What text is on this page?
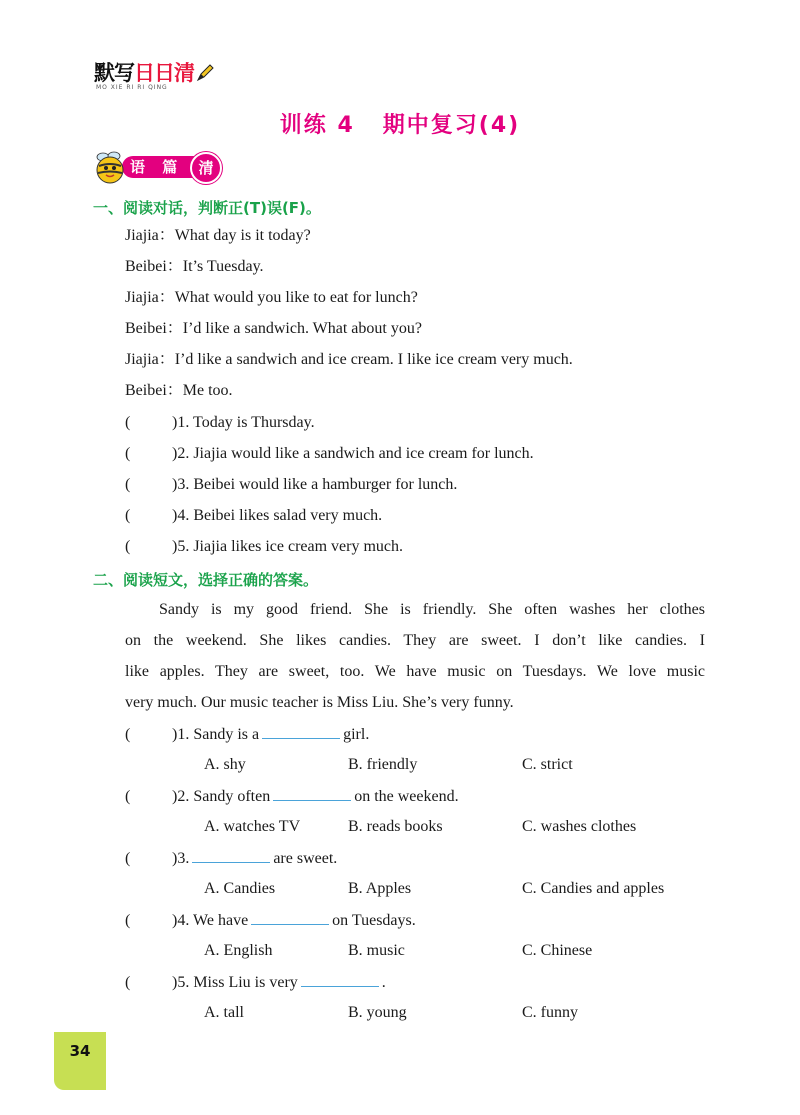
默写日日清
MO XIE RI RI QING
训练 4 期中复习(4)
语 篇	清
一、阅读对话，判断正(T)误(F)。
Jiajia：What day is it today?
Beibei：It’s Tuesday.
Jiajia：What would you like to eat for lunch?
Beibei：I’d like a sandwich. What about you?
Jiajia：I’d like a sandwich and ice cream. I like ice cream very much.
Beibei：Me too.
(	)1. Today is Thursday.
(	)2. Jiajia would like a sandwich and ice cream for lunch.
(	)3. Beibei would like a hamburger for lunch.
(	)4. Beibei likes salad very much.
(	)5. Jiajia likes ice cream very much.
二、阅读短文，选择正确的答案。
Sandy is my good friend. She is friendly. She often washes her clothes
on the weekend. She likes candies. They are sweet. I don’t like candies. I
like apples. They are sweet, too. We have music on Tuesdays. We love music
very much. Our music teacher is Miss Liu. She’s very funny.
(	)1. Sandy is a	girl.
A. shy	B. friendly	C. strict
(	)2. Sandy often	on the weekend.
A. watches TV	B. reads books	C. washes clothes
(	)3.	are sweet.
A. Candies	B. Apples	C. Candies and apples
(	)4. We have	on Tuesdays.
A. English	B. music	C. Chinese
(	)5. Miss Liu is very	.
A. tall	B. young	C. funny
34
